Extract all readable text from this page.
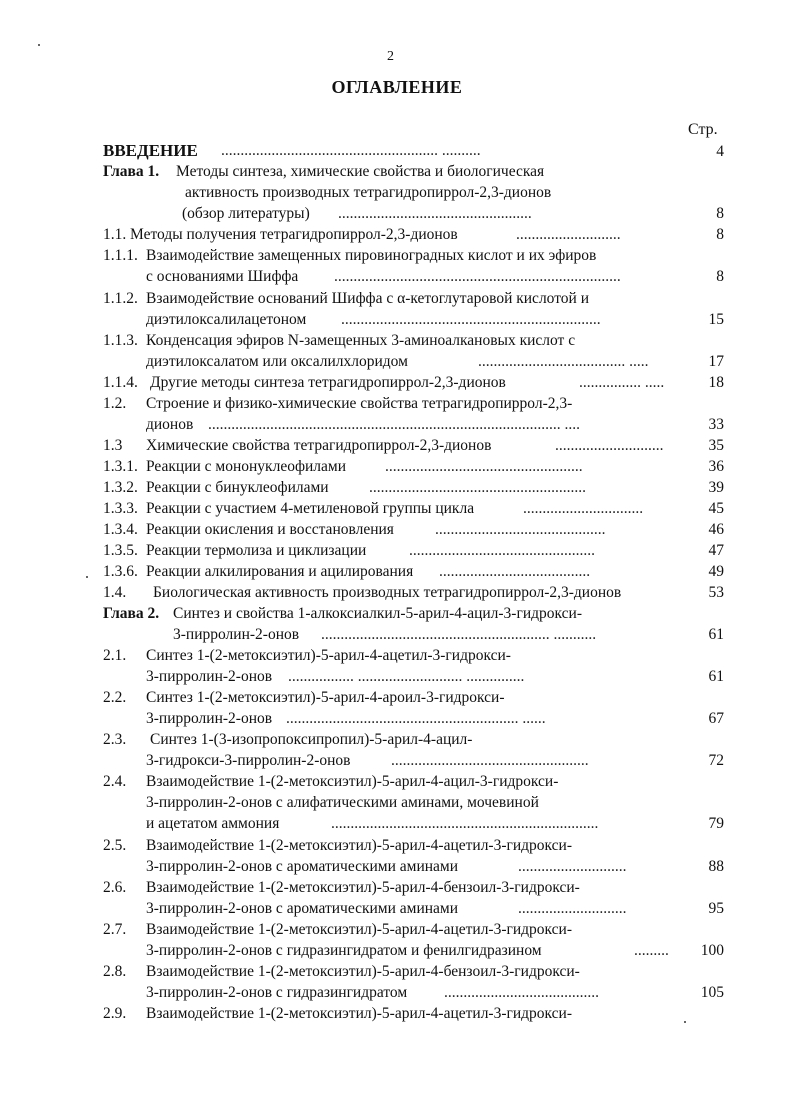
2
ОГЛАВЛЕНИЕ
Стр.
ВВЕДЕНИЕ ........................................................ ..........	4
Глава 1. Методы синтеза, химические свойства и биологическая
активность производных тетрагидропиррол-2,3-дионов
(обзор литературы) ..................................................	8
1.1. Методы получения тетрагидропиррол-2,3-дионов	...........................	8
1.1.1. Взаимодействие замещенных пировиноградных кислот и их эфиров
с основаниями Шиффа ..........................................................................	8
1.1.2. Взаимодействие оснований Шиффа с α-кетоглутаровой кислотой и
диэтилоксалилацетоном ...................................................................	15
1.1.3. Конденсация эфиров N-замещенных 3-аминоалкановых кислот с
диэтилоксалатом или оксалилхлоридом	...................................... .....	17
1.1.4. Другие методы синтеза тетрагидропиррол-2,3-дионов	................ .....	18
1.2. Строение и физико-химические свойства тетрагидропиррол-2,3-
дионов ........................................................................................... ....	33
1.3 Химические свойства тетрагидропиррол-2,3-дионов	............................	35
1.3.1. Реакции с мононуклеофилами	...................................................	36
1.3.2. Реакции с бинуклеофилами	........................................................	39
1.3.3. Реакции с участием 4-метиленовой группы цикла	...............................	45
1.3.4. Реакции окисления и восстановления	............................................	46
1.3.5. Реакции термолиза и циклизации	................................................	47
1.3.6. Реакции алкилирования и ацилирования .......................................	49
1.4. Биологическая активность производных тетрагидропиррол-2,3-дионов	53
Глава 2. Синтез и свойства 1-алкоксиалкил-5-арил-4-ацил-3-гидрокси-
3-пирролин-2-онов ........................................................... ...........	61
2.1. Синтез 1-(2-метоксиэтил)-5-арил-4-ацетил-3-гидрокси-
3-пирролин-2-онов ................. ........................... ...............	61
2.2. Синтез 1-(2-метоксиэтил)-5-арил-4-ароил-3-гидрокси-
3-пирролин-2-онов ............................................................ ......	67
2.3. Синтез 1-(3-изопропоксипропил)-5-арил-4-ацил-
3-гидрокси-3-пирролин-2-онов	...................................................	72
2.4. Взаимодействие 1-(2-метоксиэтил)-5-арил-4-ацил-3-гидрокси-
3-пирролин-2-онов с алифатическими аминами, мочевиной
и ацетатом аммония	.....................................................................	79
2.5. Взаимодействие 1-(2-метоксиэтил)-5-арил-4-ацетил-3-гидрокси-
3-пирролин-2-онов с ароматическими аминами	............................	88
2.6. Взаимодействие 1-(2-метоксиэтил)-5-арил-4-бензоил-3-гидрокси-
3-пирролин-2-онов с ароматическими аминами	............................	95
2.7. Взаимодействие 1-(2-метоксиэтил)-5-арил-4-ацетил-3-гидрокси-
3-пирролин-2-онов с гидразингидратом и фенилгидразином	.........	100
2.8. Взаимодействие 1-(2-метоксиэтил)-5-арил-4-бензоил-3-гидрокси-
3-пирролин-2-онов с гидразингидратом ........................................	105
2.9. Взаимодействие 1-(2-метоксиэтил)-5-арил-4-ацетил-3-гидрокси-
